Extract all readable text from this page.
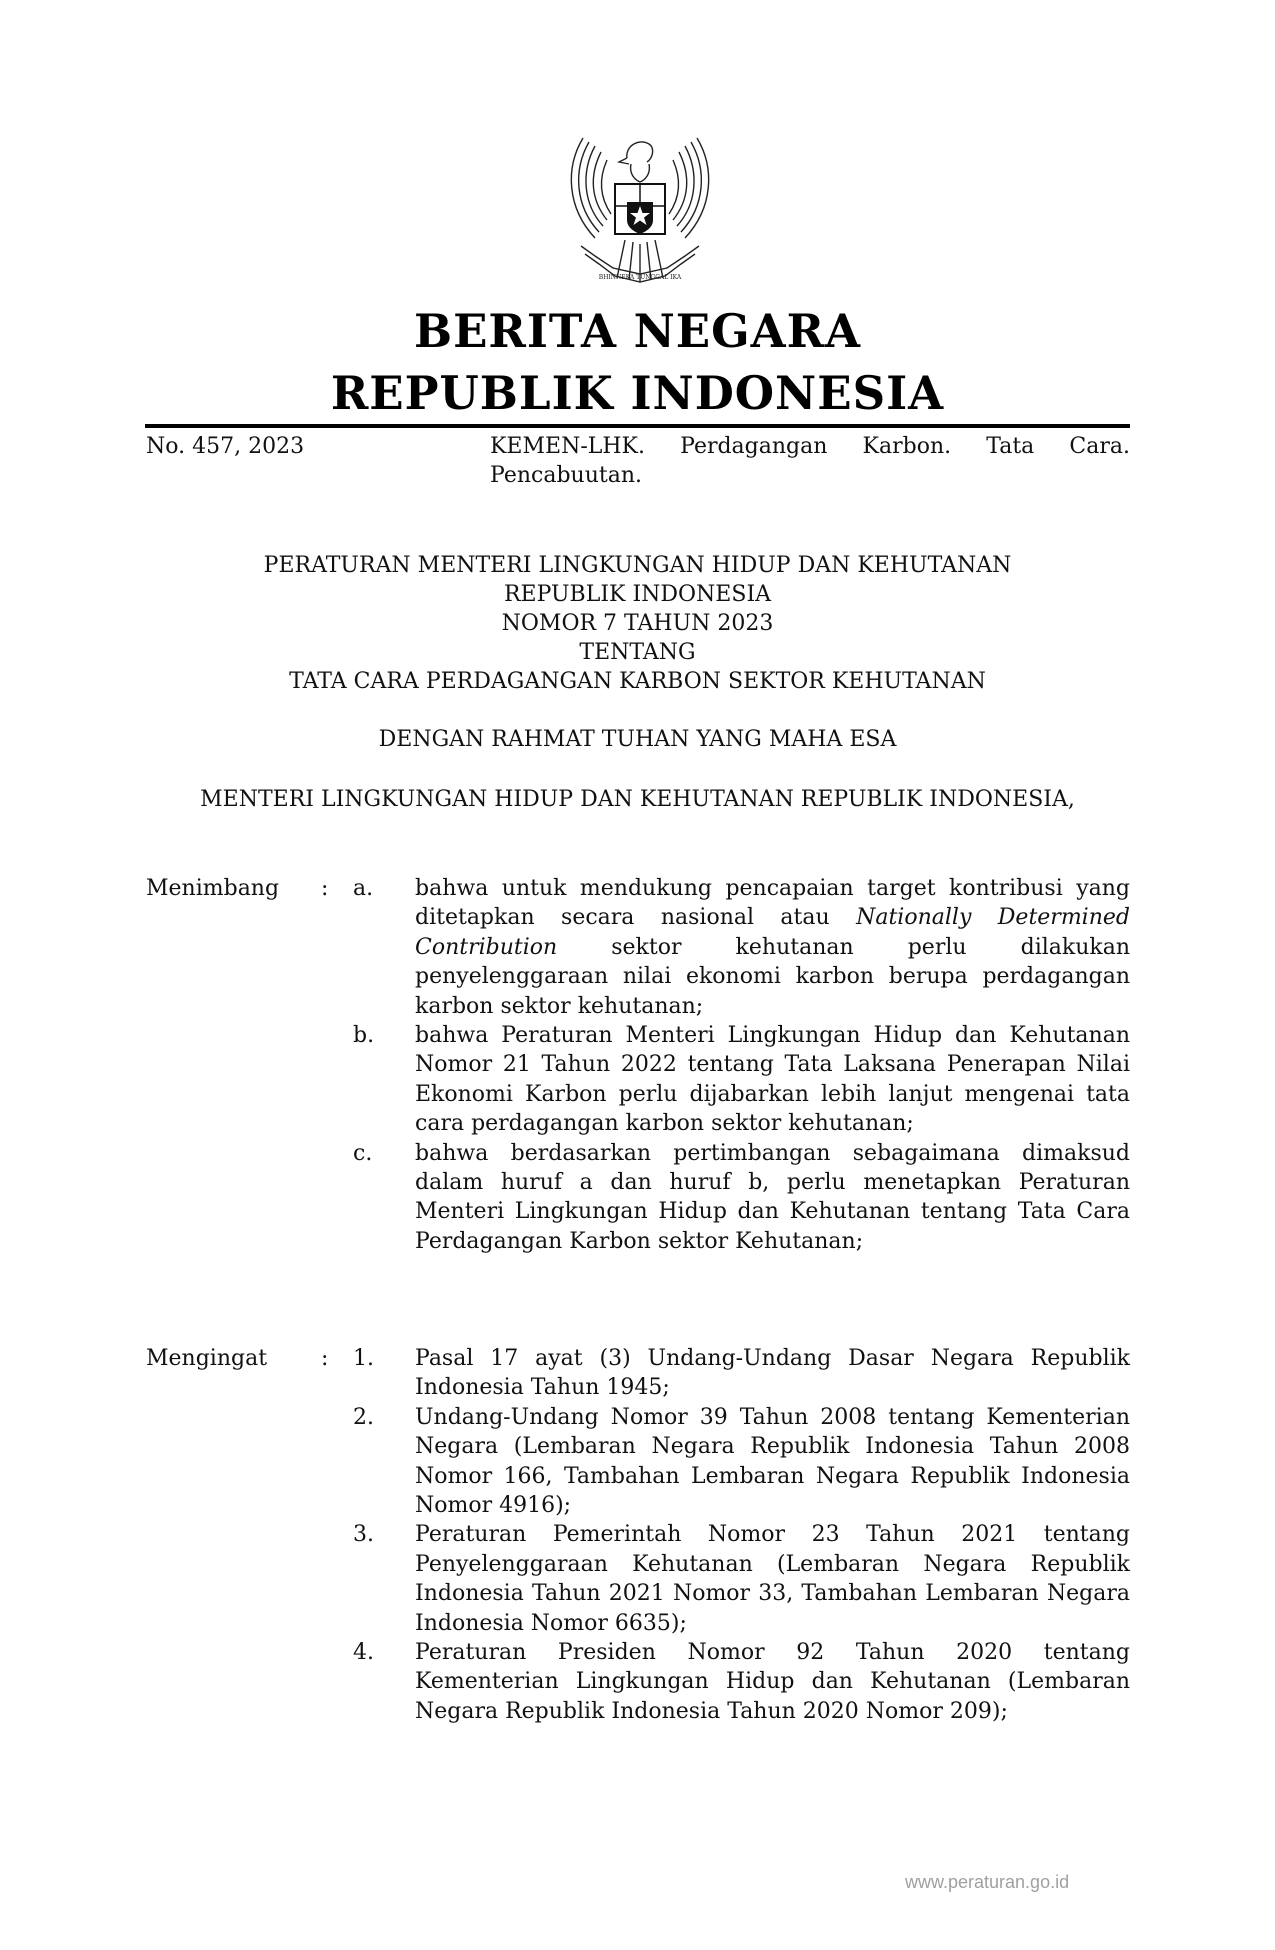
BHINNEKA TUNGGAL IKA
BERITA NEGARA
REPUBLIK INDONESIA
No. 457, 2023	KEMEN-LHK. Perdagangan Karbon. Tata Cara. Pencabuutan.
PERATURAN MENTERI LINGKUNGAN HIDUP DAN KEHUTANAN
REPUBLIK INDONESIA
NOMOR 7 TAHUN 2023
TENTANG
TATA CARA PERDAGANGAN KARBON SEKTOR KEHUTANAN
DENGAN RAHMAT TUHAN YANG MAHA ESA
MENTERI LINGKUNGAN HIDUP DAN KEHUTANAN REPUBLIK INDONESIA,
Menimbang	:	a.	bahwa untuk mendukung pencapaian target kontribusi yang ditetapkan secara nasional atau Nationally Determined Contribution sektor kehutanan perlu dilakukan penyelenggaraan nilai ekonomi karbon berupa perdagangan karbon sektor kehutanan;
b.	bahwa Peraturan Menteri Lingkungan Hidup dan Kehutanan Nomor 21 Tahun 2022 tentang Tata Laksana Penerapan Nilai Ekonomi Karbon perlu dijabarkan lebih lanjut mengenai tata cara perdagangan karbon sektor kehutanan;
c.	bahwa berdasarkan pertimbangan sebagaimana dimaksud dalam huruf a dan huruf b, perlu menetapkan Peraturan Menteri Lingkungan Hidup dan Kehutanan tentang Tata Cara Perdagangan Karbon sektor Kehutanan;
Mengingat	:	1.	Pasal 17 ayat (3) Undang-Undang Dasar Negara Republik Indonesia Tahun 1945;
2.	Undang-Undang Nomor 39 Tahun 2008 tentang Kementerian Negara (Lembaran Negara Republik Indonesia Tahun 2008 Nomor 166, Tambahan Lembaran Negara Republik Indonesia Nomor 4916);
3.	Peraturan Pemerintah Nomor 23 Tahun 2021 tentang Penyelenggaraan Kehutanan (Lembaran Negara Republik Indonesia Tahun 2021 Nomor 33, Tambahan Lembaran Negara Indonesia Nomor 6635);
4.	Peraturan Presiden Nomor 92 Tahun 2020 tentang Kementerian Lingkungan Hidup dan Kehutanan (Lembaran Negara Republik Indonesia Tahun 2020 Nomor 209);
www.peraturan.go.id
